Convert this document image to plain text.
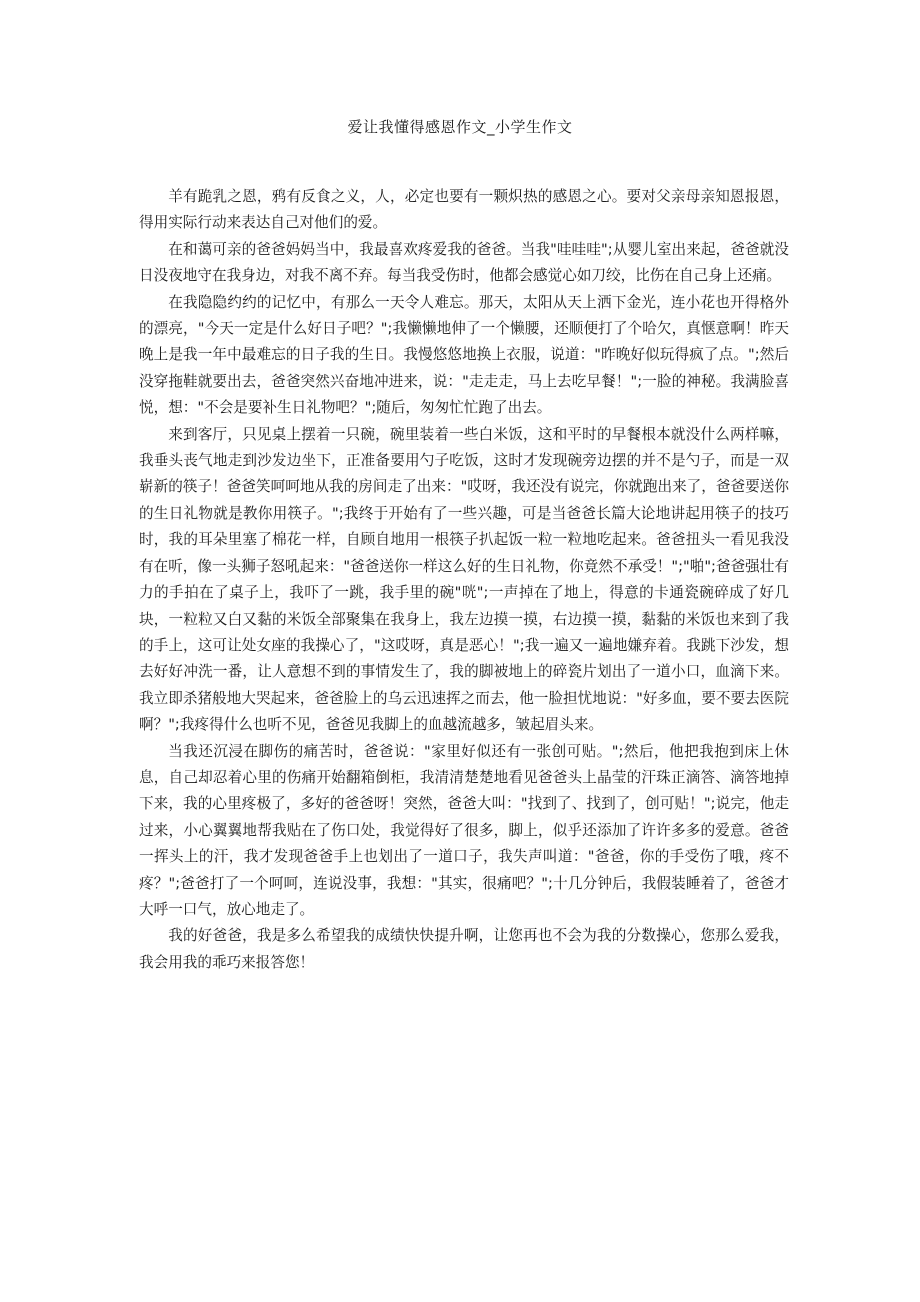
爱让我懂得感恩作文_小学生作文

羊有跪乳之恩，鸦有反食之义，人，必定也要有一颗炽热的感恩之心。要对父亲母亲知恩报恩，得用实际行动来表达自己对他们的爱。

在和蔼可亲的爸爸妈妈当中，我最喜欢疼爱我的爸爸。当我"哇哇哇";从婴儿室出来起，爸爸就没日没夜地守在我身边，对我不离不弃。每当我受伤时，他都会感觉心如刀绞，比伤在自己身上还痛。

在我隐隐约约的记忆中，有那么一天令人难忘。那天，太阳从天上洒下金光，连小花也开得格外的漂亮，"今天一定是什么好日子吧？";我懒懒地伸了一个懒腰，还顺便打了个哈欠，真惬意啊！昨天晚上是我一年中最难忘的日子我的生日。我慢悠悠地换上衣服，说道："昨晚好似玩得疯了点。";然后没穿拖鞋就要出去，爸爸突然兴奋地冲进来，说："走走走，马上去吃早餐！";一脸的神秘。我满脸喜悦，想："不会是要补生日礼物吧？";随后，匆匆忙忙跑了出去。

来到客厅，只见桌上摆着一只碗，碗里装着一些白米饭，这和平时的早餐根本就没什么两样嘛，我垂头丧气地走到沙发边坐下，正准备要用勺子吃饭，这时才发现碗旁边摆的并不是勺子，而是一双崭新的筷子！爸爸笑呵呵地从我的房间走了出来："哎呀，我还没有说完，你就跑出来了，爸爸要送你的生日礼物就是教你用筷子。";我终于开始有了一些兴趣，可是当爸爸长篇大论地讲起用筷子的技巧时，我的耳朵里塞了棉花一样，自顾自地用一根筷子扒起饭一粒一粒地吃起来。爸爸扭头一看见我没有在听，像一头狮子怒吼起来："爸爸送你一样这么好的生日礼物，你竟然不承受！";"啪";爸爸强壮有力的手拍在了桌子上，我吓了一跳，我手里的碗"咣";一声掉在了地上，得意的卡通瓷碗碎成了好几块，一粒粒又白又黏的米饭全部聚集在我身上，我左边摸一摸，右边摸一摸，黏黏的米饭也来到了我的手上，这可让处女座的我操心了，"这哎呀，真是恶心！";我一遍又一遍地嫌弃着。我跳下沙发，想去好好冲洗一番，让人意想不到的事情发生了，我的脚被地上的碎瓷片划出了一道小口，血滴下来。我立即杀猪般地大哭起来，爸爸脸上的乌云迅速挥之而去，他一脸担忧地说："好多血，要不要去医院啊？";我疼得什么也听不见，爸爸见我脚上的血越流越多，皱起眉头来。

当我还沉浸在脚伤的痛苦时，爸爸说："家里好似还有一张创可贴。";然后，他把我抱到床上休息，自己却忍着心里的伤痛开始翻箱倒柜，我清清楚楚地看见爸爸头上晶莹的汗珠正滴答、滴答地掉下来，我的心里疼极了，多好的爸爸呀！突然，爸爸大叫："找到了、找到了，创可贴！";说完，他走过来，小心翼翼地帮我贴在了伤口处，我觉得好了很多，脚上，似乎还添加了许许多多的爱意。爸爸一挥头上的汗，我才发现爸爸手上也划出了一道口子，我失声叫道："爸爸，你的手受伤了哦，疼不疼？";爸爸打了一个呵呵，连说没事，我想："其实，很痛吧？";十几分钟后，我假装睡着了，爸爸才大呼一口气，放心地走了。

我的好爸爸，我是多么希望我的成绩快快提升啊，让您再也不会为我的分数操心，您那么爱我，我会用我的乖巧来报答您！
